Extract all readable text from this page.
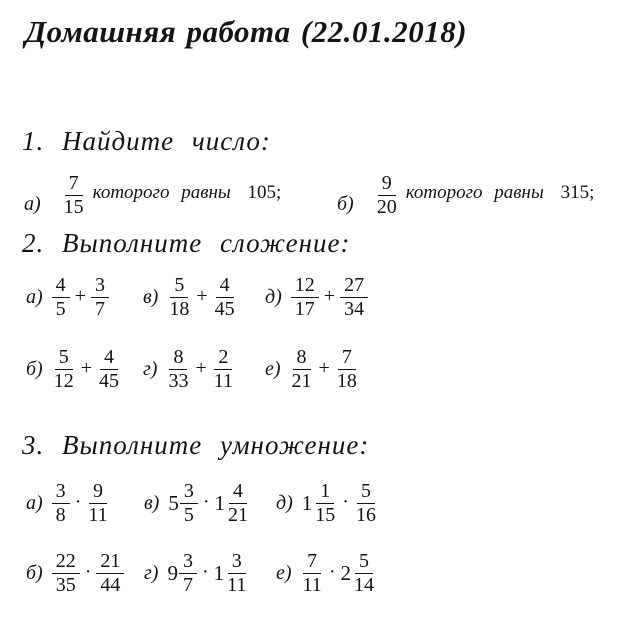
Домашняя работа (22.01.2018)
1. Найдите число:
$а) \frac{7}{15}$ которого равны 105;	$б) \frac{9}{20}$ которого равны 315;
2. Выполните сложение:
$а) \frac{4}{5} + \frac{3}{7} в) \frac{5}{18} + \frac{4}{45} д) \frac{12}{17} + \frac{27}{34}$
$б) \frac{5}{12} + \frac{4}{45} г) \frac{8}{33} + \frac{2}{11} е) \frac{8}{21} + \frac{7}{18}$
3. Выполните умножение:
$а) \frac{3}{8} \cdot \frac{9}{11} в$) $5 \frac{3}{5} \cdot 1 \frac{4}{21} д$) $1 \frac{1}{15} \cdot \frac{5}{16}$
$б) \frac{22}{35} \cdot \frac{21}{44} г$) $9 \frac{3}{7} \cdot 1 \frac{3}{11} е) \frac{7}{11} \cdot 2 \frac{5}{14}$
